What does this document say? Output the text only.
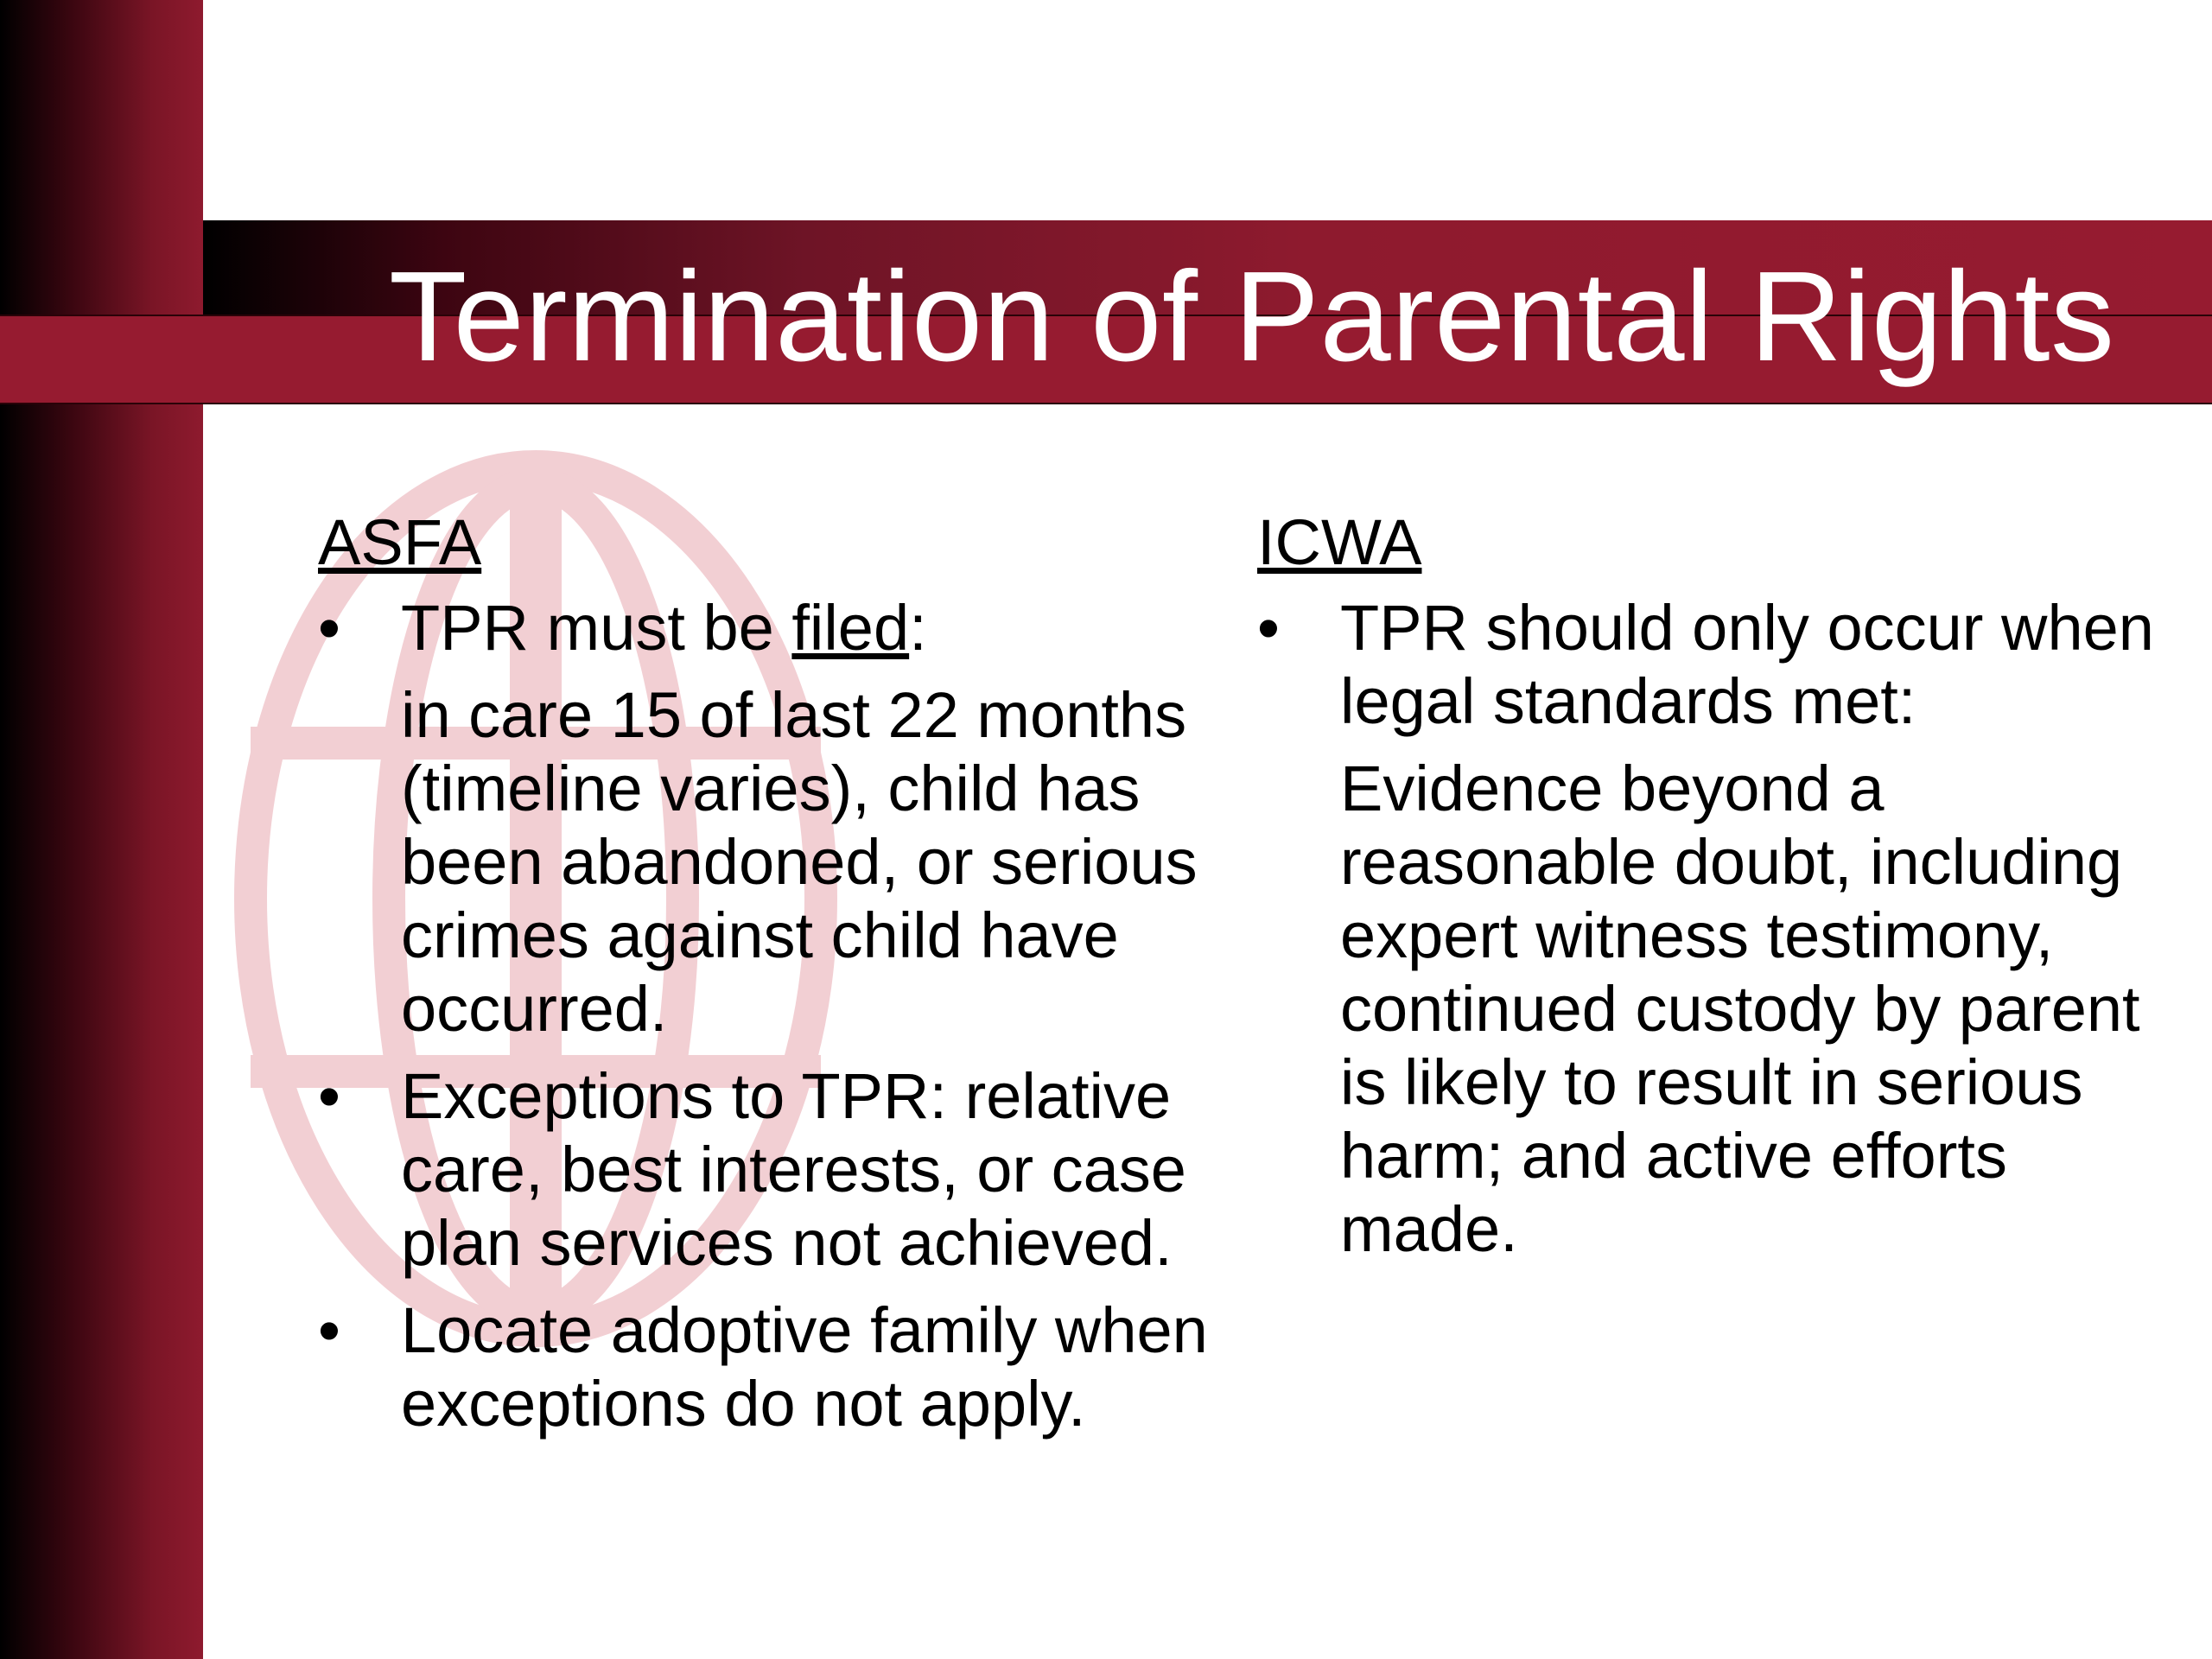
Termination of Parental Rights
ASFA
• TPR must be filed:
in care 15 of last 22 months (timeline varies), child has been abandoned, or serious crimes against child have occurred.
• Exceptions to TPR: relative care, best interests, or case plan services not achieved.
• Locate adoptive family when exceptions do not apply.
ICWA
• TPR should only occur when legal standards met:
Evidence beyond a reasonable doubt, including expert witness testimony, continued custody by parent is likely to result in serious harm; and active efforts made.
